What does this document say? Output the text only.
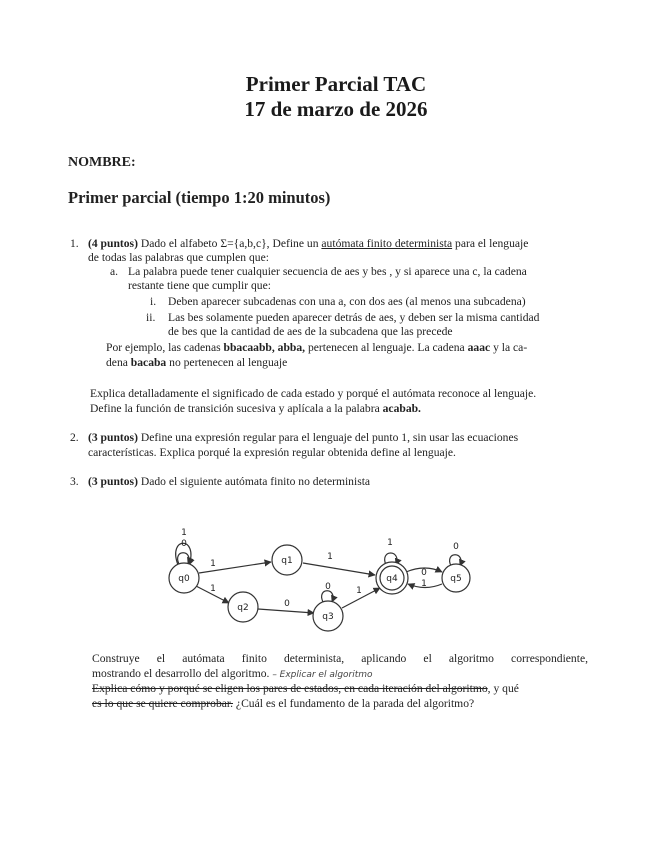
Primer Parcial TAC
17 de marzo de 2026
NOMBRE:
Primer parcial (tiempo 1:20 minutos)
1. (4 puntos) Dado el alfabeto Σ={a,b,c}, Define un autómata finito determinista para el lenguaje
de todas las palabras que cumplen que:
a. La palabra puede tener cualquier secuencia de aes y bes , y si aparece una c, la cadena
restante tiene que cumplir que:
i. Deben aparecer subcadenas con una a, con dos aes (al menos una subcadena)
ii. Las bes solamente pueden aparecer detrás de aes, y deben ser la misma cantidad
de bes que la cantidad de aes de la subcadena que las precede
Por ejemplo, las cadenas bbacaabb, abba, pertenecen al lenguaje. La cadena aaac y la ca-
dena bacaba no pertenecen al lenguaje
Explica detalladamente el significado de cada estado y porqué el autómata reconoce al lenguaje.
Define la función de transición sucesiva y aplícala a la palabra acabab.
2. (3 puntos) Define una expresión regular para el lenguaje del punto 1, sin usar las ecuaciones
características. Explica porqué la expresión regular obtenida define al lenguaje.
3. (3 puntos) Dado el siguiente autómata finito no determinista
q0
q1
q2
q3
q4	q5
1
0
1
1
1
0
0	1
1
0
1
0
Construye el autómata finito determinista, aplicando el algoritmo correspondiente,
mostrando el desarrollo del algoritmo. – Explicar el algoritmo
Explica cómo y porqué se eligen los pares de estados, en cada iteración del algoritmo, y qué
es lo que se quiere comprobar. ¿Cuál es el fundamento de la parada del algoritmo?
